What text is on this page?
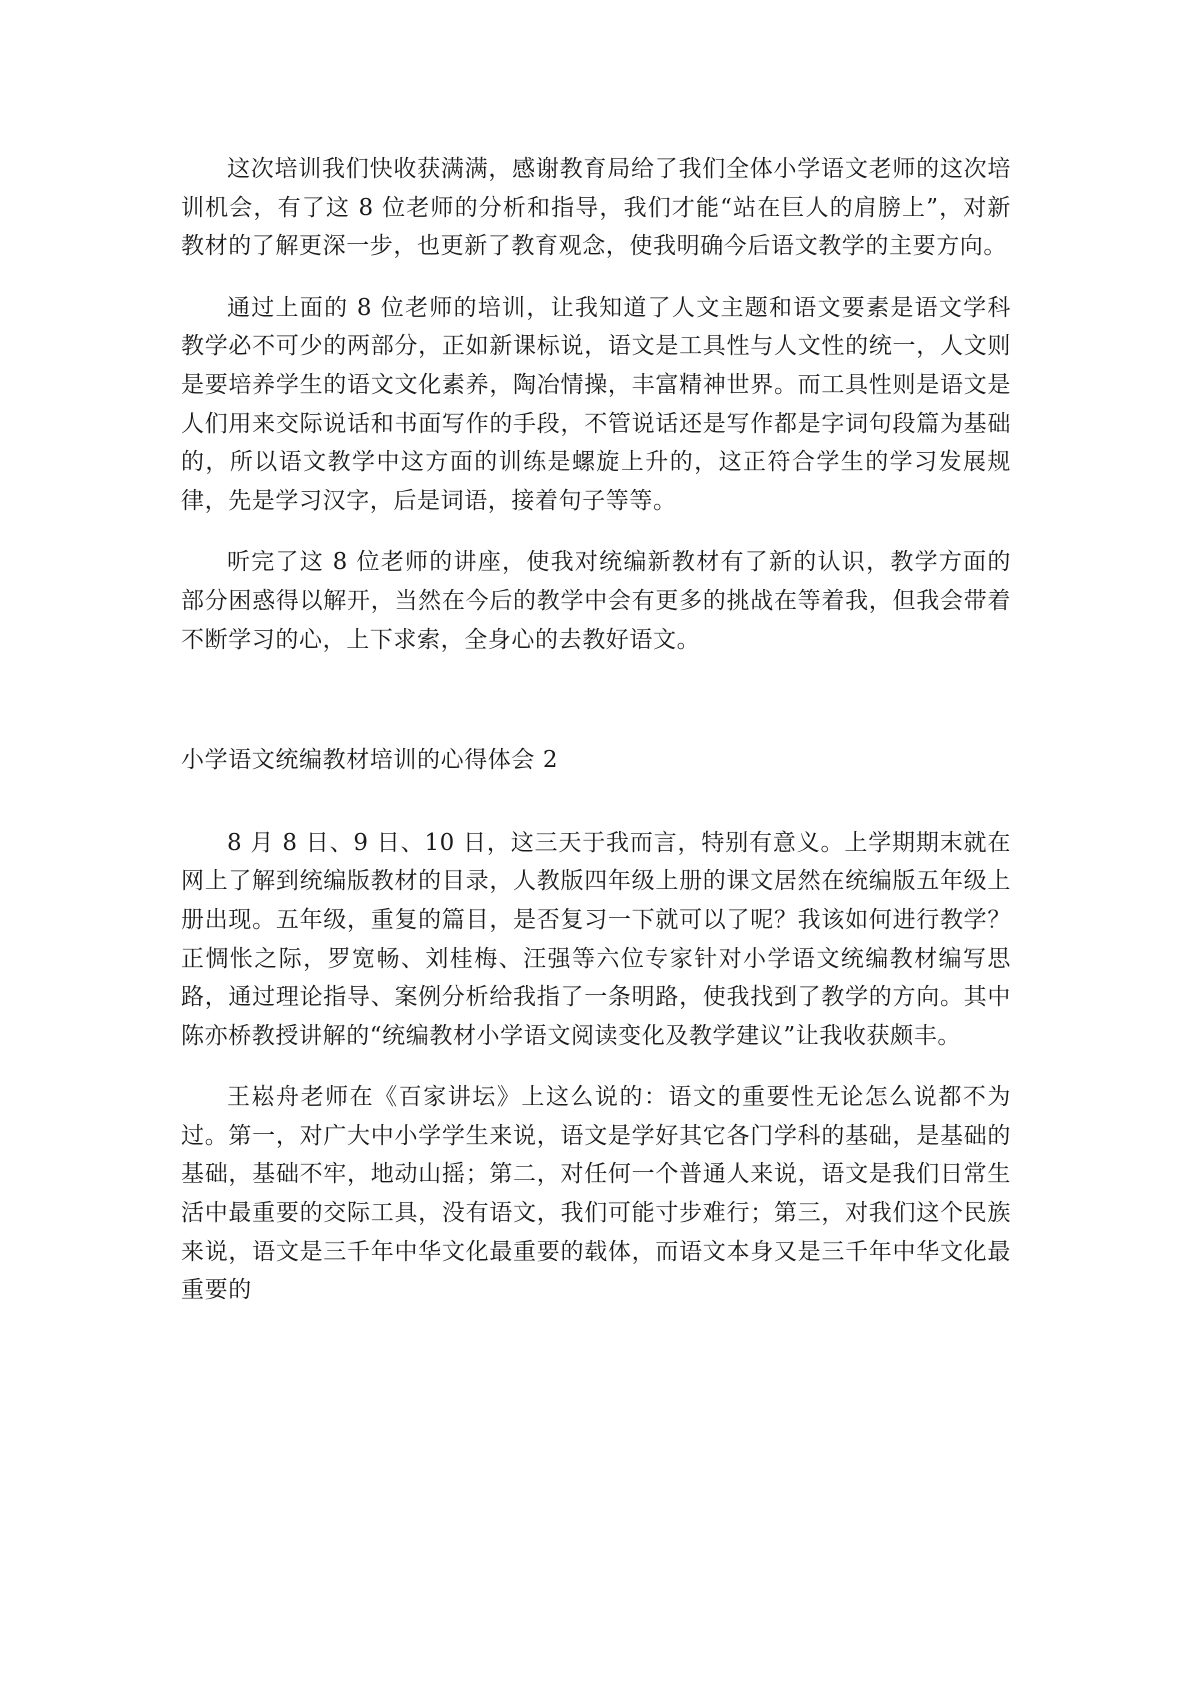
这次培训我们快收获满满，感谢教育局给了我们全体小学语文老师的这次培训机会，有了这 8 位老师的分析和指导，我们才能“站在巨人的肩膀上”，对新教材的了解更深一步，也更新了教育观念，使我明确今后语文教学的主要方向。

通过上面的 8 位老师的培训，让我知道了人文主题和语文要素是语文学科教学必不可少的两部分，正如新课标说，语文是工具性与人文性的统一，人文则是要培养学生的语文文化素养，陶冶情操，丰富精神世界。而工具性则是语文是人们用来交际说话和书面写作的手段，不管说话还是写作都是字词句段篇为基础的，所以语文教学中这方面的训练是螺旋上升的，这正符合学生的学习发展规律，先是学习汉字，后是词语，接着句子等等。

听完了这 8 位老师的讲座，使我对统编新教材有了新的认识，教学方面的部分困惑得以解开，当然在今后的教学中会有更多的挑战在等着我，但我会带着不断学习的心，上下求索，全身心的去教好语文。

小学语文统编教材培训的心得体会 2

8 月 8 日、9 日、10 日，这三天于我而言，特别有意义。上学期期末就在网上了解到统编版教材的目录，人教版四年级上册的课文居然在统编版五年级上册出现。五年级，重复的篇目，是否复习一下就可以了呢？我该如何进行教学？正惆怅之际，罗宽畅、刘桂梅、汪强等六位专家针对小学语文统编教材编写思路，通过理论指导、案例分析给我指了一条明路，使我找到了教学的方向。其中陈亦桥教授讲解的“统编教材小学语文阅读变化及教学建议”让我收获颇丰。

王崧舟老师在《百家讲坛》上这么说的：语文的重要性无论怎么说都不为过。第一，对广大中小学学生来说，语文是学好其它各门学科的基础，是基础的基础，基础不牢，地动山摇；第二，对任何一个普通人来说，语文是我们日常生活中最重要的交际工具，没有语文，我们可能寸步难行；第三，对我们这个民族来说，语文是三千年中华文化最重要的载体，而语文本身又是三千年中华文化最重要的
